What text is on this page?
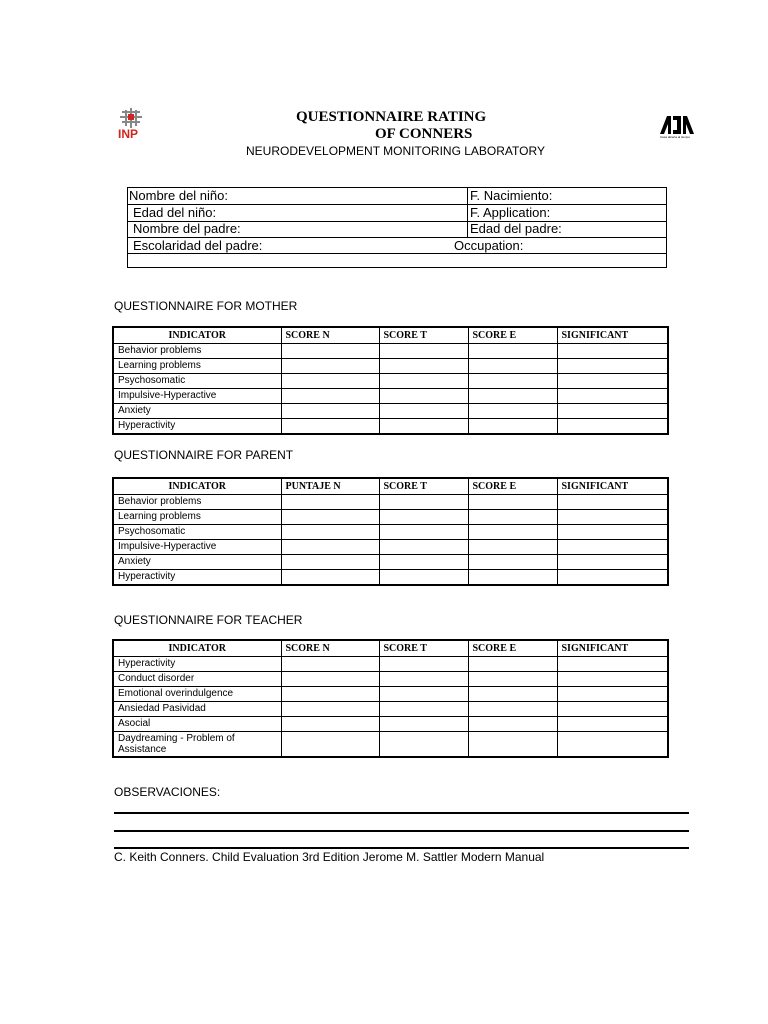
INP	Casa abierta al tiempo
QUESTIONNAIRE RATING
OF CONNERS
NEURODEVELOPMENT MONITORING LABORATORY
Nombre del niño:	F. Nacimiento:
Edad del niño:	F. Application:
Nombre del padre:	Edad del padre:
Escolaridad del padre:	Occupation:
QUESTIONNAIRE FOR MOTHER
INDICATOR	SCORE N	SCORE T	SCORE E	SIGNIFICANT
Behavior problems				
Learning problems				
Psychosomatic				
Impulsive-Hyperactive				
Anxiety				
Hyperactivity				
QUESTIONNAIRE FOR PARENT
INDICATOR	PUNTAJE N	SCORE T	SCORE E	SIGNIFICANT
Behavior problems				
Learning problems				
Psychosomatic				
Impulsive-Hyperactive				
Anxiety				
Hyperactivity				
QUESTIONNAIRE FOR TEACHER
INDICATOR	SCORE N	SCORE T	SCORE E	SIGNIFICANT
Hyperactivity				
Conduct disorder				
Emotional overindulgence				
Ansiedad Pasividad				
Asocial				
Daydreaming - Problem of Assistance				
OBSERVACIONES:
C. Keith Conners. Child Evaluation 3rd Edition Jerome M. Sattler Modern Manual
